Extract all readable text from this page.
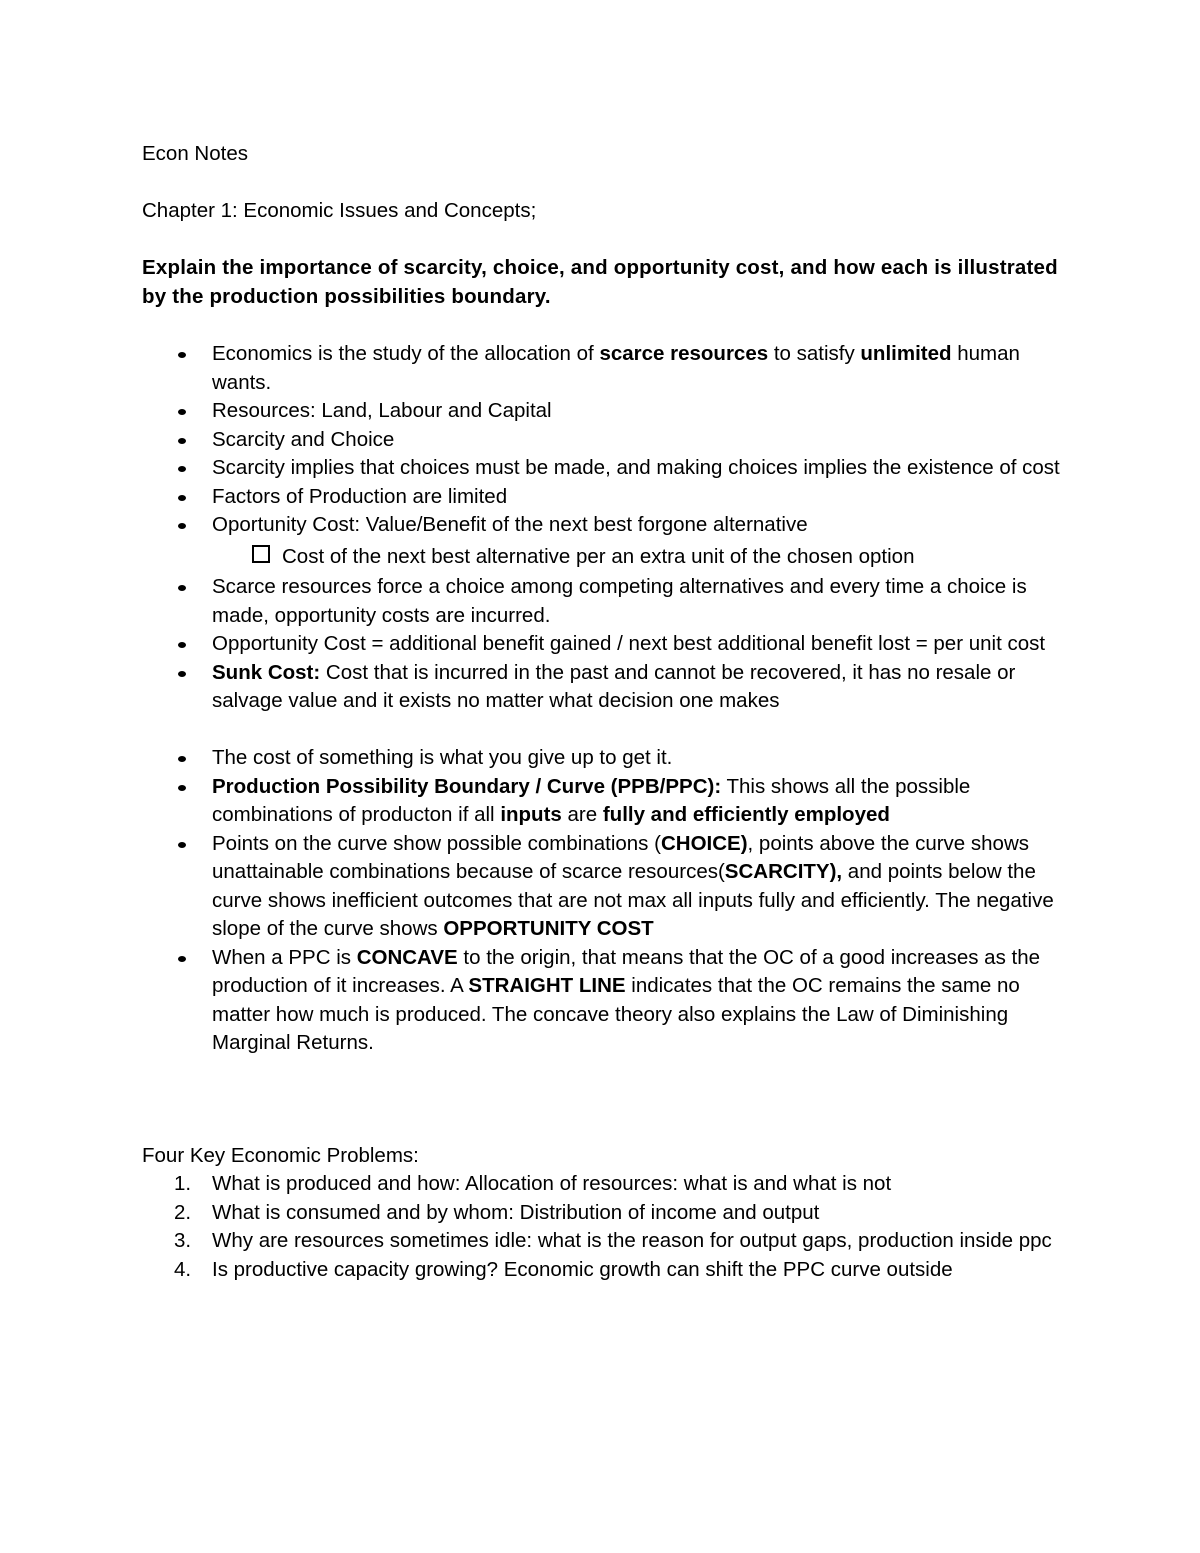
Econ Notes

Chapter 1: Economic Issues and Concepts;

Explain the importance of scarcity, choice, and opportunity cost, and how each is illustrated by the production possibilities boundary.

Economics is the study of the allocation of scarce resources to satisfy unlimited human wants.
Resources: Land, Labour and Capital
Scarcity and Choice
Scarcity implies that choices must be made, and making choices implies the existence of cost
Factors of Production are limited
Oportunity Cost: Value/Benefit of the next best forgone alternative
Cost of the next best alternative per an extra unit of the chosen option
Scarce resources force a choice among competing alternatives and every time a choice is made, opportunity costs are incurred.
Opportunity Cost = additional benefit gained / next best additional benefit lost = per unit cost
Sunk Cost: Cost that is incurred in the past and cannot be recovered, it has no resale or salvage value and it exists no matter what decision one makes
The cost of something is what you give up to get it.
Production Possibility Boundary / Curve (PPB/PPC): This shows all the possible combinations of producton if all inputs are fully and efficiently employed
Points on the curve show possible combinations (CHOICE), points above the curve shows unattainable combinations because of scarce resources(SCARCITY), and points below the curve shows inefficient outcomes that are not max all inputs fully and efficiently. The negative slope of the curve shows OPPORTUNITY COST
When a PPC is CONCAVE to the origin, that means that the OC of a good increases as the production of it increases. A STRAIGHT LINE indicates that the OC remains the same no matter how much is produced. The concave theory also explains the Law of Diminishing Marginal Returns.

Four Key Economic Problems:

1. What is produced and how: Allocation of resources: what is and what is not
2. What is consumed and by whom: Distribution of income and output
3. Why are resources sometimes idle: what is the reason for output gaps, production inside ppc
4. Is productive capacity growing? Economic growth can shift the PPC curve outside
